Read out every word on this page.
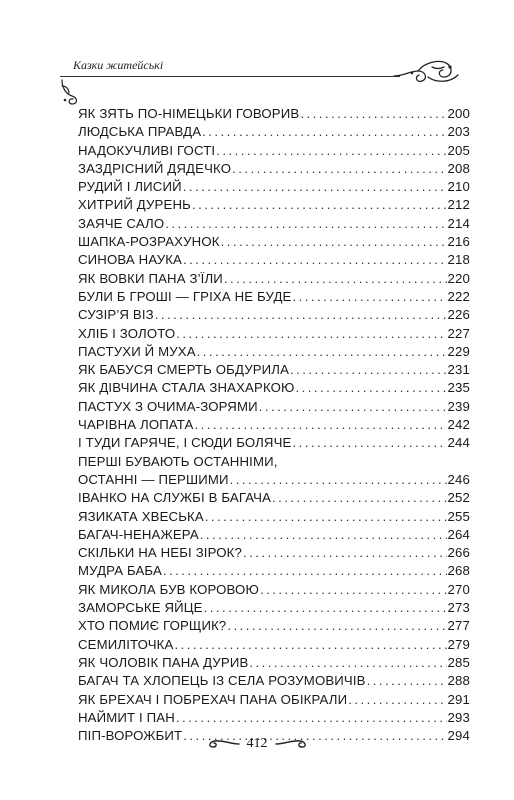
Казки житейські
ЯК ЗЯТЬ ПО-НІМЕЦЬКИ ГОВОРИВ . . .	200
ЛЮДСЬКА ПРАВДА . . .	203
НАДОКУЧЛИВІ ГОСТІ . . .	205
ЗАЗДРІСНИЙ ДЯДЕЧКО . . .	208
РУДИЙ І ЛИСИЙ . . .	210
ХИТРИЙ ДУРЕНЬ . . .	212
ЗАЯЧЕ САЛО . . .	214
ШАПКА-РОЗРАХУНОК . . .	216
СИНОВА НАУКА . . .	218
ЯК ВОВКИ ПАНА З’ЇЛИ . . .	220
БУЛИ Б ГРОШІ — ГРІХА НЕ БУДЕ . . .	222
СУЗІР’Я ВІЗ . . .	226
ХЛІБ І ЗОЛОТО . . .	227
ПАСТУХИ Й МУХА . . .	229
ЯК БАБУСЯ СМЕРТЬ ОБДУРИЛА . . .	231
ЯК ДІВЧИНА СТАЛА ЗНАХАРКОЮ . . .	235
ПАСТУХ З ОЧИМА-ЗОРЯМИ . . .	239
ЧАРІВНА ЛОПАТА . . .	242
І ТУДИ ГАРЯЧЕ, І СЮДИ БОЛЯЧЕ . . .	244
ПЕРШІ БУВАЮТЬ ОСТАННІМИ,
ОСТАННІ — ПЕРШИМИ . . .	246
ІВАНКО НА СЛУЖБІ В БАГАЧА . . .	252
ЯЗИКАТА ХВЕСЬКА . . .	255
БАГАЧ-НЕНАЖЕРА . . .	264
СКІЛЬКИ НА НЕБІ ЗІРОК? . . .	266
МУДРА БАБА . . .	268
ЯК МИКОЛА БУВ КОРОВОЮ . . .	270
ЗАМОРСЬКЕ ЯЙЦЕ . . .	273
ХТО ПОМИЄ ГОРЩИК? . . .	277
СЕМИЛІТОЧКА . . .	279
ЯК ЧОЛОВІК ПАНА ДУРИВ . . .	285
БАГАЧ ТА ХЛОПЕЦЬ ІЗ СЕЛА РОЗУМОВИЧІВ . . .	288
ЯК БРЕХАЧ І ПОБРЕХАЧ ПАНА ОБІКРАЛИ . . .	291
НАЙМИТ І ПАН . . .	293
ПІП-ВОРОЖБИТ . . .	294
412
